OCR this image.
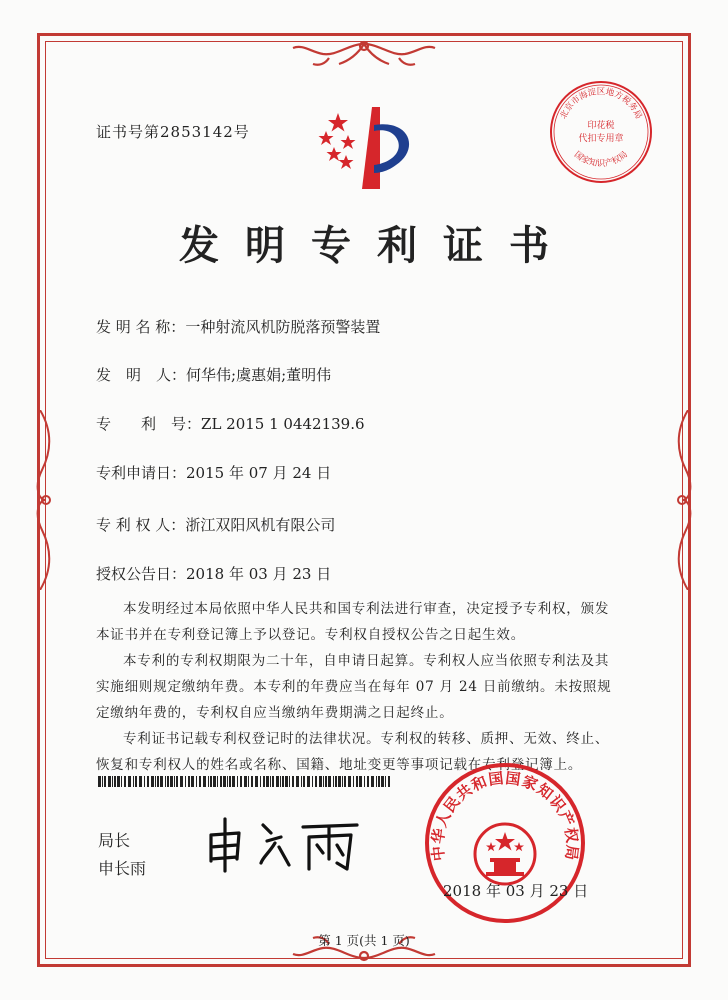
证书号第2853142号
北京市海淀区地方税务局
印花税
代扣专用章
国家知识产权局
发明专利证书
发 明 名 称：一种射流风机防脱落预警装置
发　明　人：何华伟;虞惠娟;董明伟
专　　利　号：ZL 2015 1 0442139.6
专利申请日：2015 年 07 月 24 日
专 利 权 人：浙江双阳风机有限公司
授权公告日：2018 年 03 月 23 日

本发明经过本局依照中华人民共和国专利法进行审查，决定授予专利权，颁发本证书并在专利登记簿上予以登记。专利权自授权公告之日起生效。

本专利的专利权期限为二十年，自申请日起算。专利权人应当依照专利法及其实施细则规定缴纳年费。本专利的年费应当在每年 07 月 24 日前缴纳。未按照规定缴纳年费的，专利权自应当缴纳年费期满之日起终止。

专利证书记载专利权登记时的法律状况。专利权的转移、质押、无效、终止、恢复和专利权人的姓名或名称、国籍、地址变更等事项记载在专利登记簿上。

局长
申长雨
中华人民共和国国家知识产权局
2018 年 03 月 23 日
第 1 页(共 1 页)
